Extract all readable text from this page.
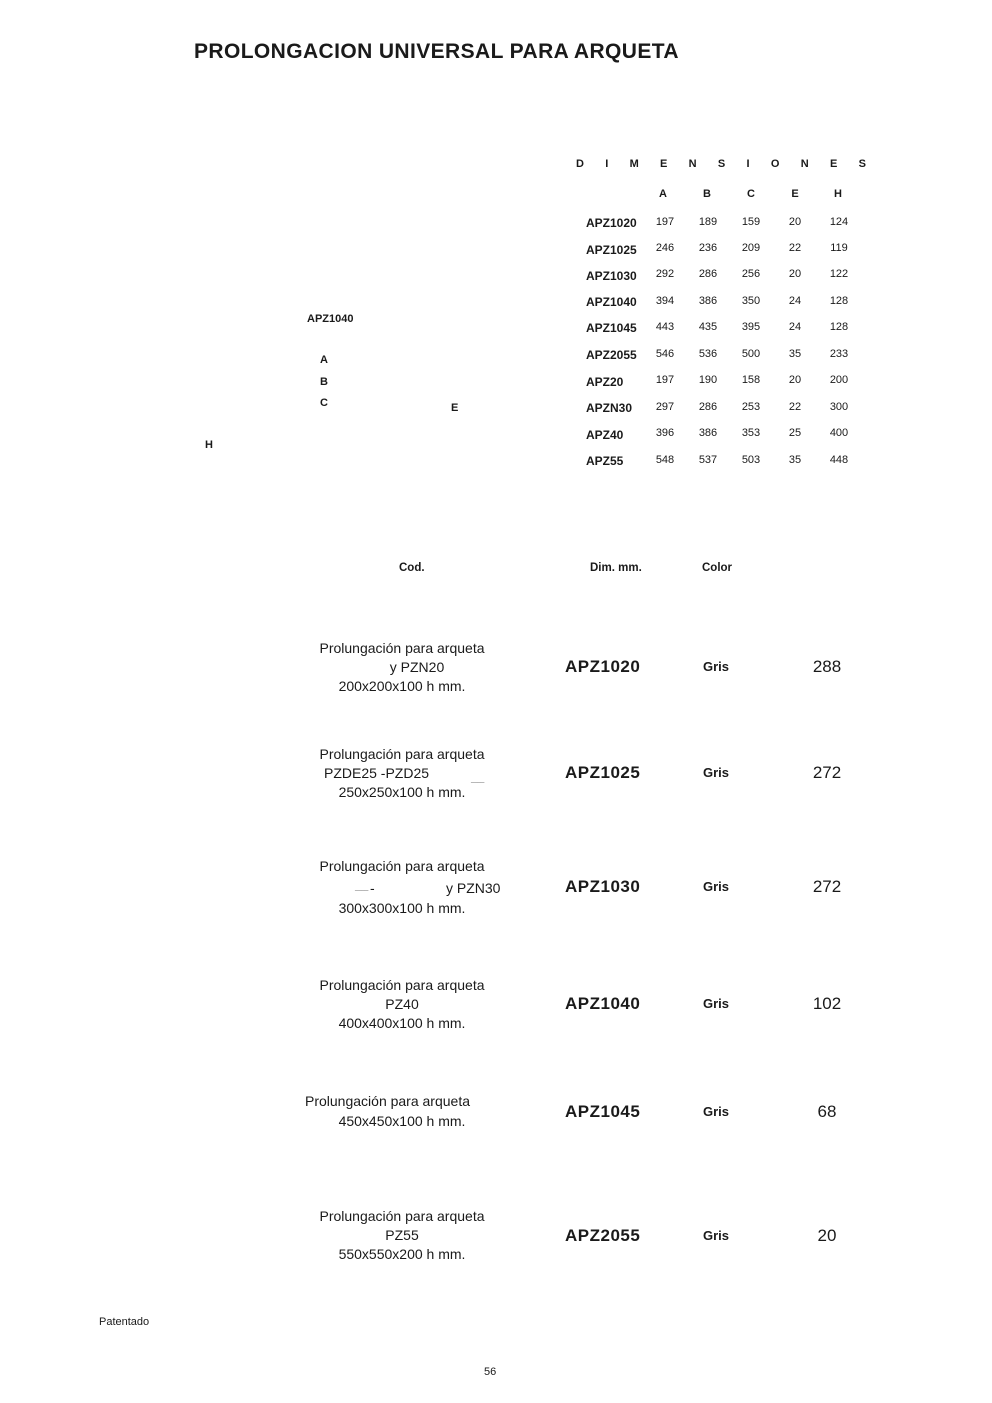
PROLONGACION UNIVERSAL PARA ARQUETA
D I M E N S I O N E S
A	B	C	E	H
APZ1020	197	189	159	20	124
APZ1025	246	236	209	22	119
APZ1030	292	286	256	20	122
APZ1040	394	386	350	24	128
APZ1045	443	435	395	24	128
APZ2055	546	536	500	35	233
APZ20	197	190	158	20	200
APZN30	297	286	253	22	300
APZ40	396	386	353	25	400
APZ55	548	537	503	35	448
APZ1040
A
B
C	E
H
Cod.	Dim. mm.	Color
Prolungación para arqueta
y PZN20
200x200x100 h mm.
APZ1020	Gris	288
Prolungación para arqueta
PZDE25 -PZD25
250x250x100 h mm.
____	APZ1025	Gris	272
Prolungación para arqueta
____ -	y PZN30
300x300x100 h mm.
APZ1030	Gris	272
Prolungación para arqueta
PZ40
400x400x100 h mm.
APZ1040	Gris	102
Prolungación para arqueta
450x450x100 h mm.	APZ1045	Gris	68
Prolungación para arqueta
PZ55
550x550x200 h mm.
APZ2055	Gris	20
Patentado
56
